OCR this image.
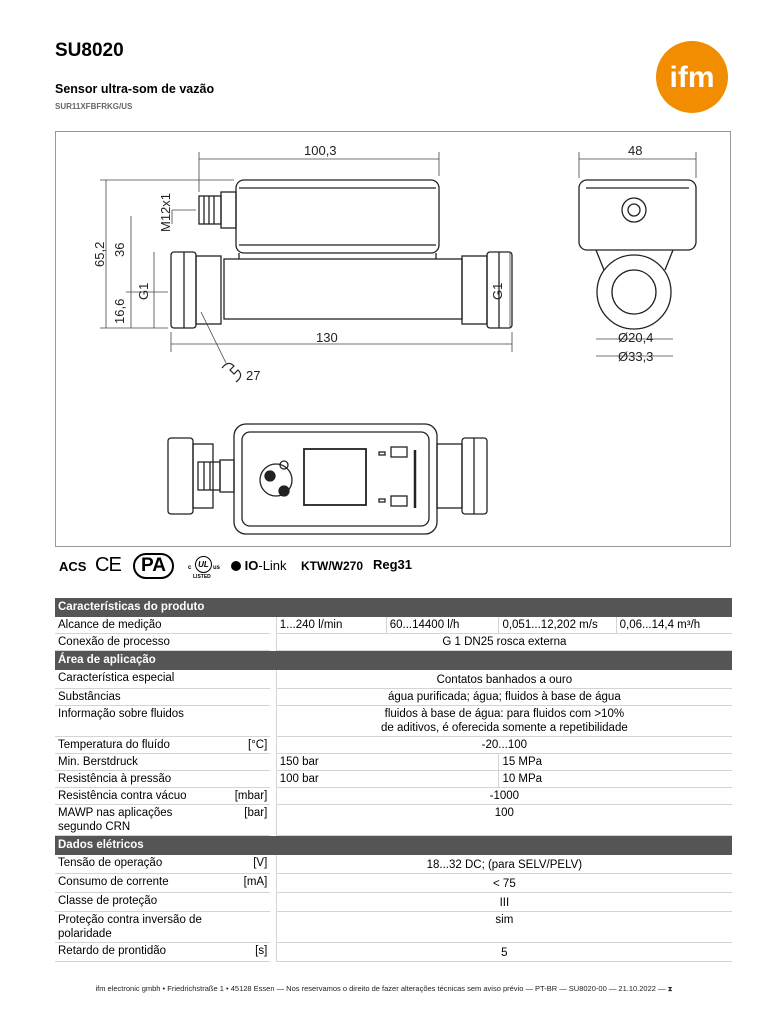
SU8020
Sensor ultra-som de vazão
SUR11XFBFRKG/US
ifm
100,3	48
130
27
Ø20,4
Ø33,3
65,2 36
16,6
M12x1
G1	G1
ACS CE	PA	c UL us
LISTED
IO-Link KTW/W270 Reg31
Características do produto						
Alcance de medição			1...240 l/min	60...14400 l/h	0,051...12,202 m/s	0,06...14,4 m³/h
Conexão de processo			G 1 DN25 rosca externa			
Área de aplicação						
Característica especial			Contatos banhados a ouro			
Substâncias			água purificada; água; fluidos à base de água			
Informação sobre fluidos			fluidos à base de água: para fluidos com >10%
de aditivos, é oferecida somente a repetibilidade			

Temperatura do fluído	[°C]		-20...100			
Min. Berstdruck			150 bar		15 MPa	
Resistência à pressão			100 bar		10 MPa	
Resistência contra vácuo	[mbar]		-1000			

MAWP nas aplicações
segundo CRN	[bar]		100			
Dados elétricos						
Tensão de operação	[V]		18...32 DC; (para SELV/PELV)			
Consumo de corrente	[mA]		< 75			
Classe de proteção			III			

Proteção contra inversão de
polaridade			sim			
Retardo de prontidão	[s]		5			
ifm electronic gmbh • Friedrichstraße 1 • 45128 Essen — Nos reservamos o direito de fazer alterações técnicas sem aviso prévio — PT-BR — SU8020-00 — 21.10.2022 — ⧗
